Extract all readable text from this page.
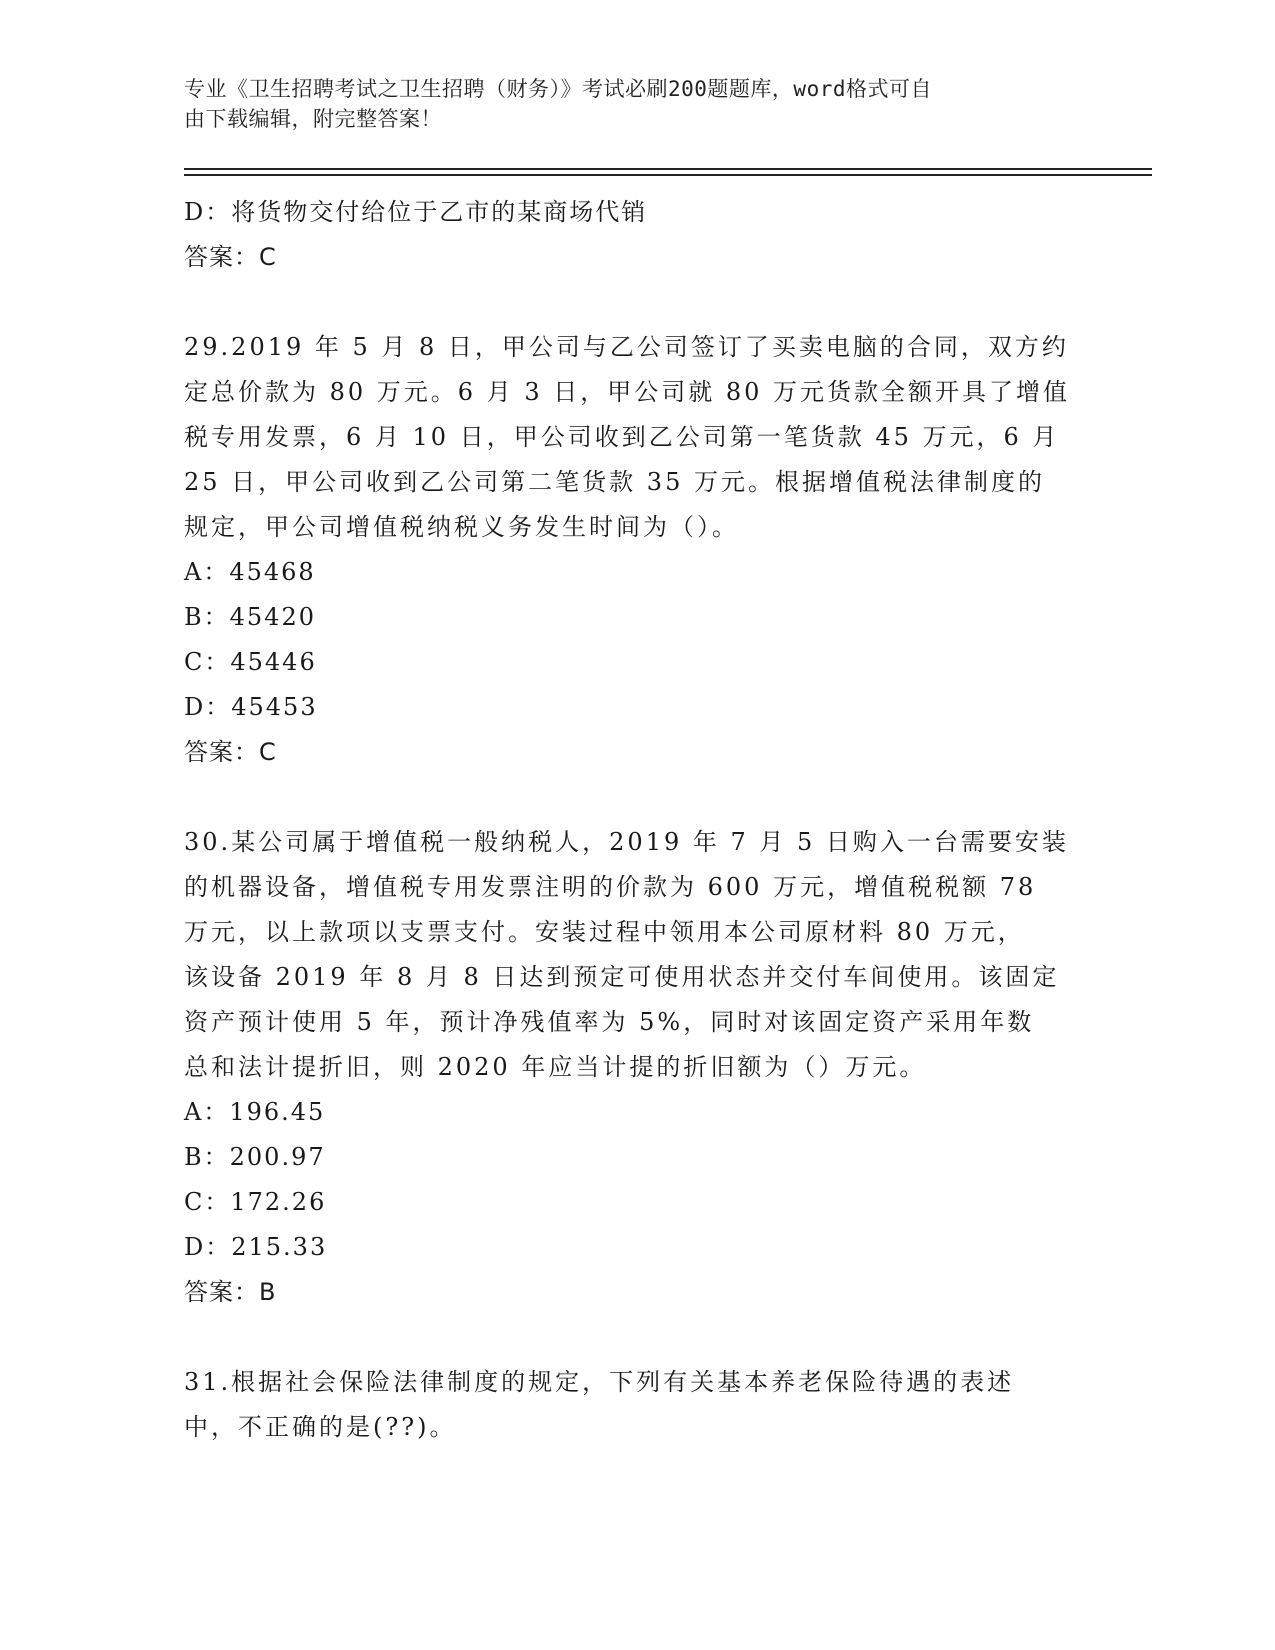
专业《卫生招聘考试之卫生招聘（财务）》考试必刷200题题库，word格式可自
由下载编辑，附完整答案！
D：将货物交付给位于乙市的某商场代销
答案：C
29.2019 年 5 月 8 日，甲公司与乙公司签订了买卖电脑的合同，双方约
定总价款为 80 万元。6 月 3 日，甲公司就 80 万元货款全额开具了增值
税专用发票，6 月 10 日，甲公司收到乙公司第一笔货款 45 万元，6 月
25 日，甲公司收到乙公司第二笔货款 35 万元。根据增值税法律制度的
规定，甲公司增值税纳税义务发生时间为（）。
A：45468
B：45420
C：45446
D：45453
答案：C
30.某公司属于增值税一般纳税人，2019 年 7 月 5 日购入一台需要安装
的机器设备，增值税专用发票注明的价款为 600 万元，增值税税额 78
万元，以上款项以支票支付。安装过程中领用本公司原材料 80 万元，
该设备 2019 年 8 月 8 日达到预定可使用状态并交付车间使用。该固定
资产预计使用 5 年，预计净残值率为 5%，同时对该固定资产采用年数
总和法计提折旧，则 2020 年应当计提的折旧额为（）万元。
A：196.45
B：200.97
C：172.26
D：215.33
答案：B
31.根据社会保险法律制度的规定，下列有关基本养老保险待遇的表述
中，不正确的是(??)。
